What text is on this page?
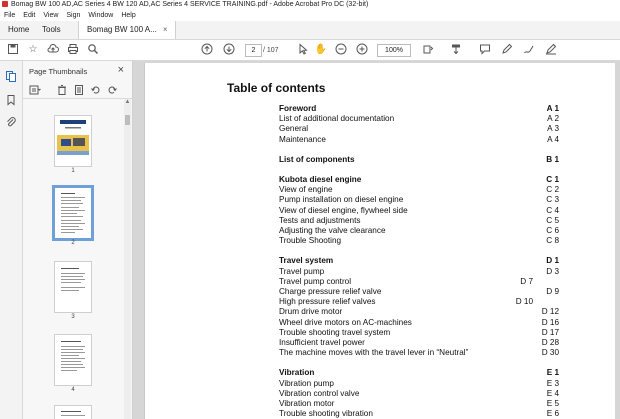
Bomag BW 100 AD,AC Series 4 BW 120 AD,AC Series 4 SERVICE TRAINING.pdf - Adobe Acrobat Pro DC (32-bit)
File Edit View Sign Window Help
Home	Tools	Bomag BW 100 A... ×
☆	2	/ 107	✋	100%
Page Thumbnails	×
1
2
3
4
▲
Table of contents
Foreword	A 1
List of additional documentation	A 2
General	A 3
Maintenance	A 4
List of components	B 1
Kubota diesel engine	C 1
View of engine	C 2
Pump installation on diesel engine	C 3
View of diesel engine, flywheel side	C 4
Tests and adjustments	C 5
Adjusting the valve clearance	C 6
Trouble Shooting	C 8
Travel system	D 1
Travel pump	D 3
Travel pump control	D 7
Charge pressure relief valve	D 9
High pressure relief valves	D 10
Drum drive motor	D 12
Wheel drive motors on AC-machines	D 16
Trouble shooting travel system	D 17
Insufficient travel power	D 28
The machine moves with the travel lever in “Neutral”	D 30
Vibration	E 1
Vibration pump	E 3
Vibration control valve	E 4
Vibration motor	E 5
Trouble shooting vibration	E 6
